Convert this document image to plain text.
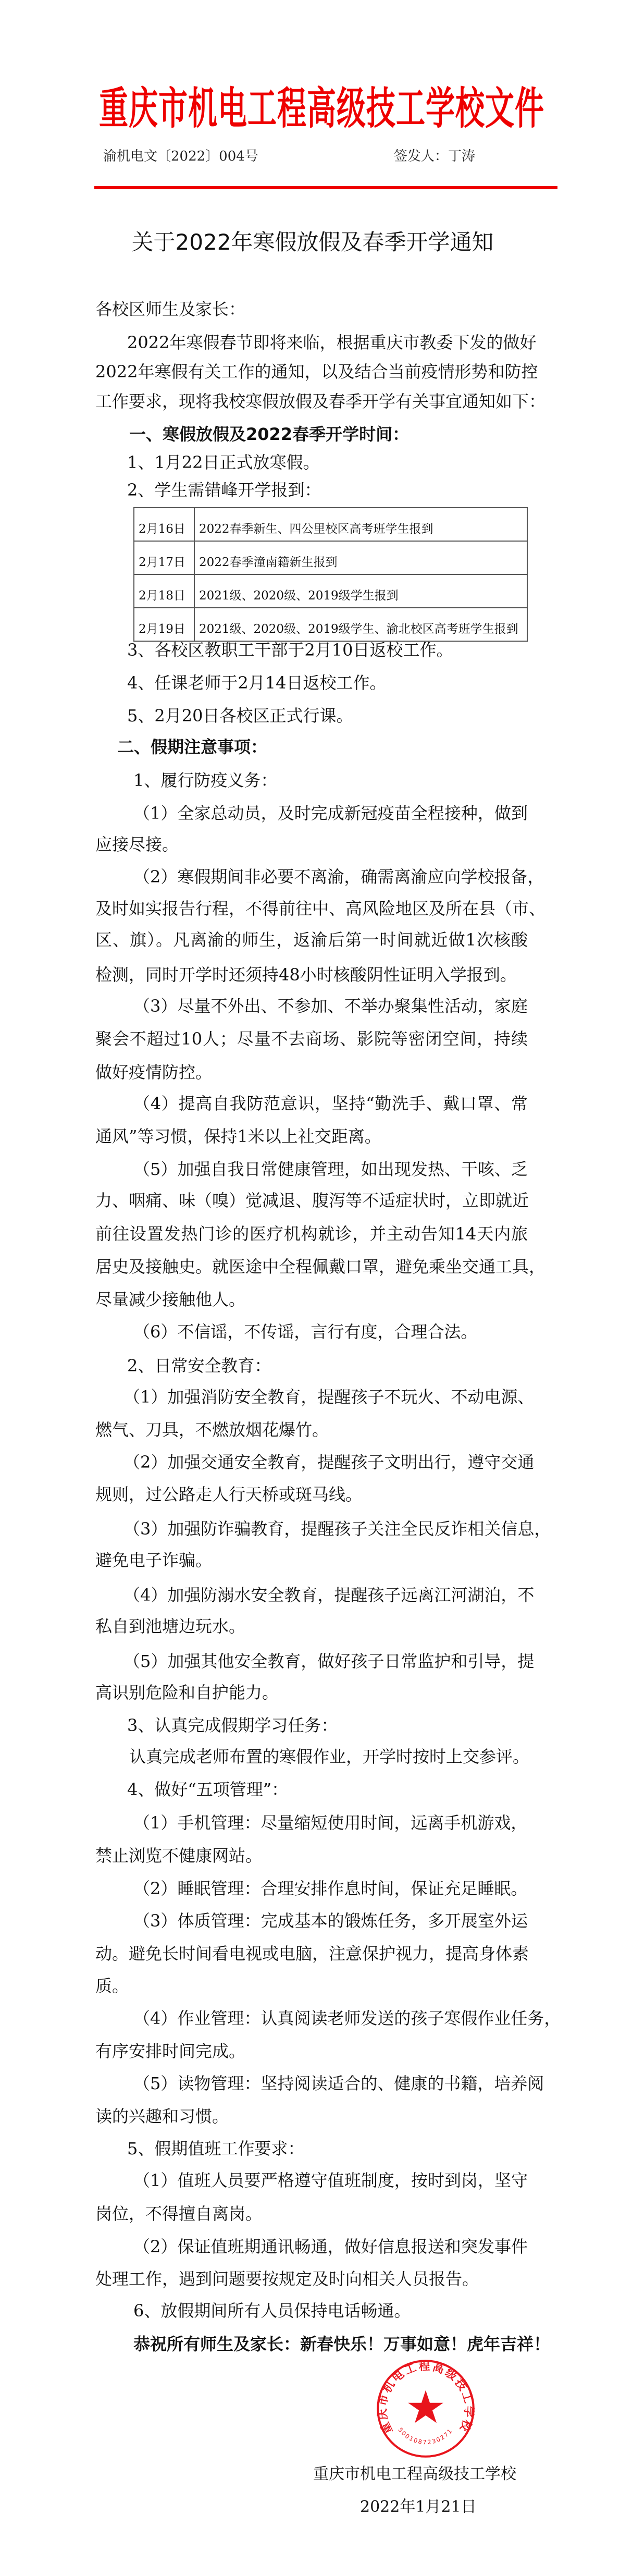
重庆市机电工程高级技工学校文件
渝机电文〔2022〕004号	签发人：丁涛
关于2022年寒假放假及春季开学通知
各校区师生及家长：
2022年寒假春节即将来临，根据重庆市教委下发的做好
2022年寒假有关工作的通知，以及结合当前疫情形势和防控
工作要求，现将我校寒假放假及春季开学有关事宜通知如下：
一、寒假放假及2022春季开学时间：
1、1月22日正式放寒假。
2、学生需错峰开学报到：
3、各校区教职工干部于2月10日返校工作。
4、任课老师于2月14日返校工作。
5、2月20日各校区正式行课。
二、假期注意事项：
1、履行防疫义务：
（1）全家总动员，及时完成新冠疫苗全程接种，做到
应接尽接。
（2）寒假期间非必要不离渝，确需离渝应向学校报备，
及时如实报告行程，不得前往中、高风险地区及所在县（市、
区、旗）。凡离渝的师生，返渝后第一时间就近做1次核酸
检测，同时开学时还须持48小时核酸阴性证明入学报到。
（3）尽量不外出、不参加、不举办聚集性活动，家庭
聚会不超过10人；尽量不去商场、影院等密闭空间，持续
做好疫情防控。
（4）提高自我防范意识，坚持“勤洗手、戴口罩、常
通风”等习惯，保持1米以上社交距离。
（5）加强自我日常健康管理，如出现发热、干咳、乏
力、咽痛、味（嗅）觉减退、腹泻等不适症状时，立即就近
前往设置发热门诊的医疗机构就诊，并主动告知14天内旅
居史及接触史。就医途中全程佩戴口罩，避免乘坐交通工具，
尽量减少接触他人。
（6）不信谣，不传谣，言行有度，合理合法。
2、日常安全教育：
（1）加强消防安全教育，提醒孩子不玩火、不动电源、
燃气、刀具，不燃放烟花爆竹。
（2）加强交通安全教育，提醒孩子文明出行，遵守交通
规则，过公路走人行天桥或斑马线。
（3）加强防诈骗教育，提醒孩子关注全民反诈相关信息，
避免电子诈骗。
（4）加强防溺水安全教育，提醒孩子远离江河湖泊，不
私自到池塘边玩水。
（5）加强其他安全教育，做好孩子日常监护和引导，提
高识别危险和自护能力。
3、认真完成假期学习任务：
认真完成老师布置的寒假作业，开学时按时上交参评。
4、做好“五项管理”：
（1）手机管理：尽量缩短使用时间，远离手机游戏，
禁止浏览不健康网站。
（2）睡眠管理：合理安排作息时间，保证充足睡眠。
（3）体质管理：完成基本的锻炼任务，多开展室外运
动。避免长时间看电视或电脑，注意保护视力，提高身体素
质。
（4）作业管理：认真阅读老师发送的孩子寒假作业任务，
有序安排时间完成。
（5）读物管理：坚持阅读适合的、健康的书籍，培养阅
读的兴趣和习惯。
5、假期值班工作要求：
（1）值班人员要严格遵守值班制度，按时到岗，坚守
岗位，不得擅自离岗。
（2）保证值班期通讯畅通，做好信息报送和突发事件
处理工作，遇到问题要按规定及时向相关人员报告。
6、放假期间所有人员保持电话畅通。
恭祝所有师生及家长：新春快乐！万事如意！虎年吉祥！
2月16日	2022春季新生、四公里校区高考班学生报到
2月17日	2022春季潼南籍新生报到
2月18日	2021级、2020级、2019级学生报到
2月19日	2021级、2020级、2019级学生、渝北校区高考班学生报到
重庆市机电工程高级技工学校
5001087230271
重庆市机电工程高级技工学校
2022年1月21日
